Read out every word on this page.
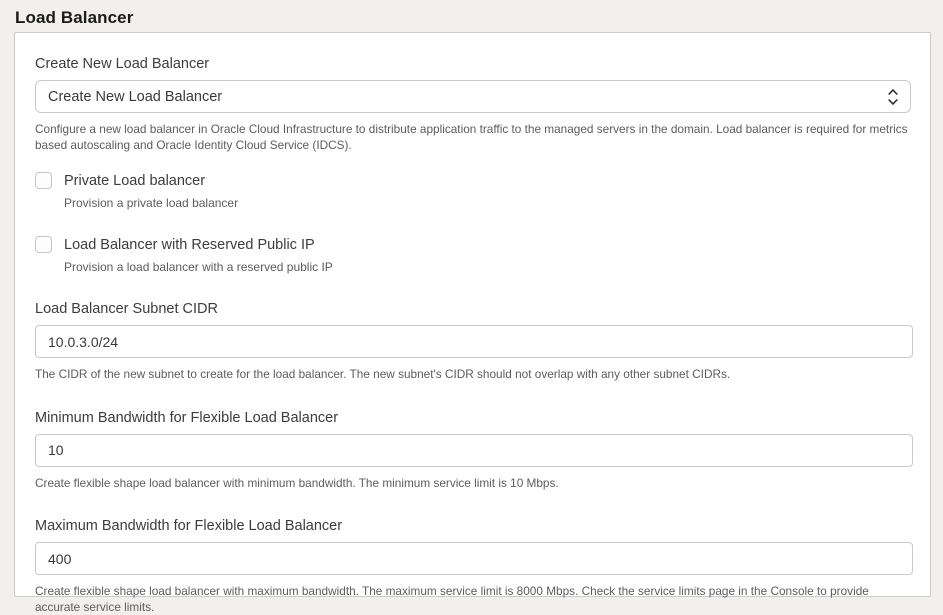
Load Balancer
Create New Load Balancer
Create New Load Balancer
Configure a new load balancer in Oracle Cloud Infrastructure to distribute application traffic to the managed servers in the domain. Load balancer is required for metrics based autoscaling and Oracle Identity Cloud Service (IDCS).
Private Load balancer
Provision a private load balancer
Load Balancer with Reserved Public IP
Provision a load balancer with a reserved public IP
Load Balancer Subnet CIDR
10.0.3.0/24
The CIDR of the new subnet to create for the load balancer. The new subnet's CIDR should not overlap with any other subnet CIDRs.
Minimum Bandwidth for Flexible Load Balancer
10
Create flexible shape load balancer with minimum bandwidth. The minimum service limit is 10 Mbps.
Maximum Bandwidth for Flexible Load Balancer
400
Create flexible shape load balancer with maximum bandwidth. The maximum service limit is 8000 Mbps. Check the service limits page in the Console to provide accurate service limits.
